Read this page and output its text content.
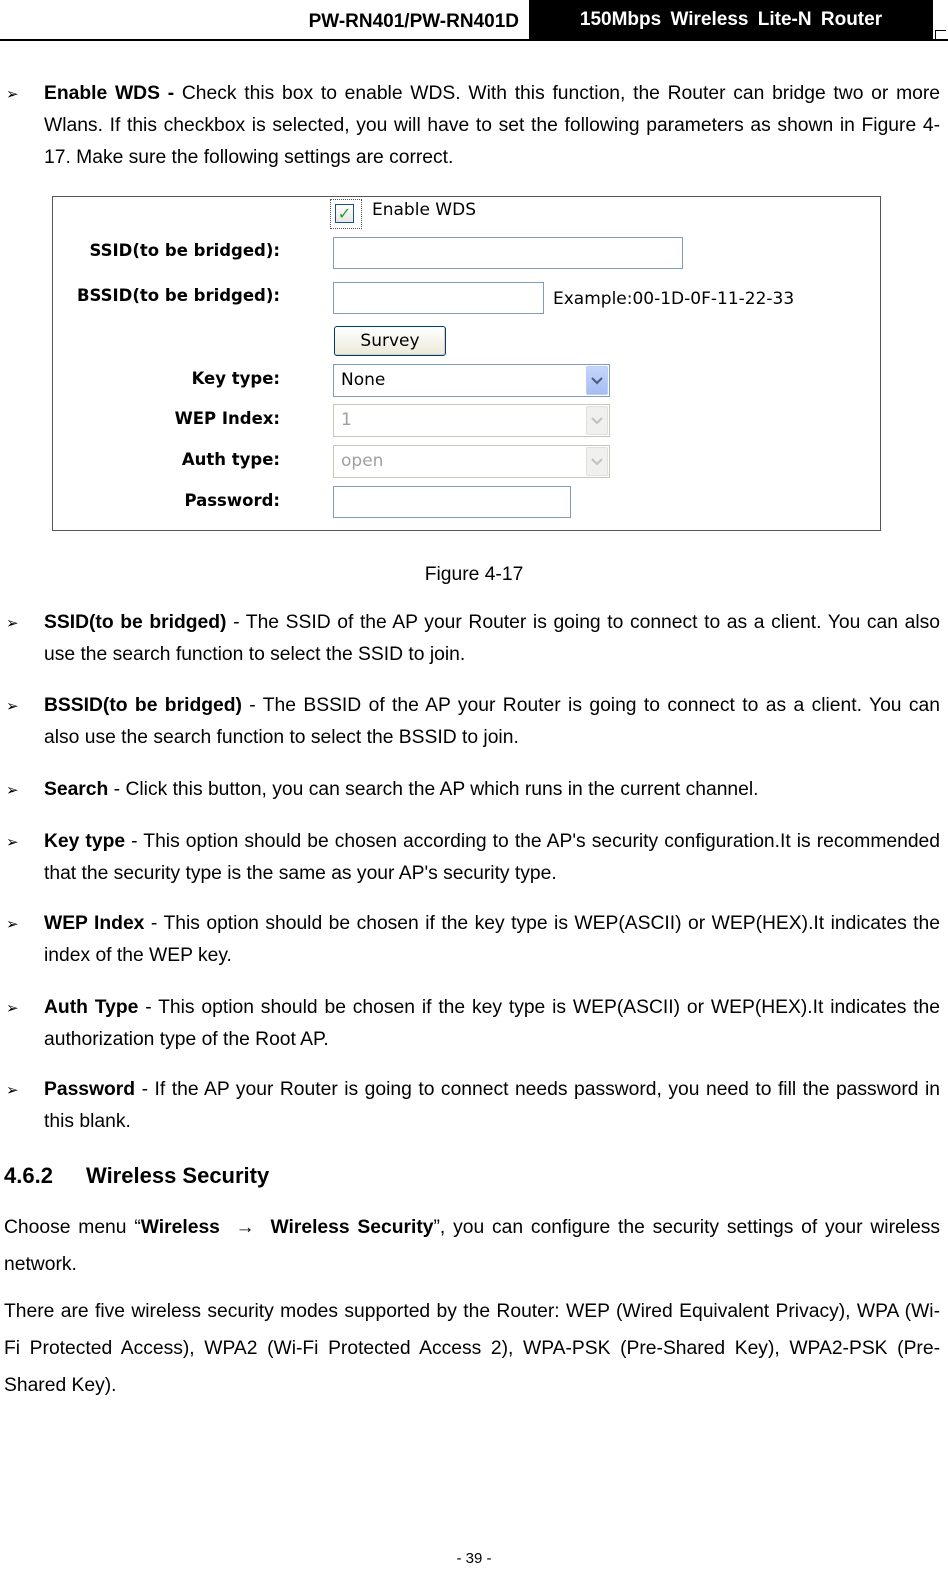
PW-RN401/PW-RN401D	150Mbps Wireless Lite-N Router
➢ Enable WDS - Check this box to enable WDS. With this function, the Router can bridge two or more Wlans. If this checkbox is selected, you will have to set the following parameters as shown in Figure 4-17. Make sure the following settings are correct.
✓ Enable WDS
SSID(to be bridged):
BSSID(to be bridged):	Example:00-1D-0F-11-22-33
Survey
Key type:	None
WEP Index:	1
Auth type:	open
Password:
Figure 4-17
➢ SSID(to be bridged) - The SSID of the AP your Router is going to connect to as a client. You can also use the search function to select the SSID to join.
➢ BSSID(to be bridged) - The BSSID of the AP your Router is going to connect to as a client. You can also use the search function to select the BSSID to join.
➢ Search - Click this button, you can search the AP which runs in the current channel.
➢ Key type - This option should be chosen according to the AP's security configuration.It is recommended that the security type is the same as your AP's security type.
➢ WEP Index - This option should be chosen if the key type is WEP(ASCII) or WEP(HEX).It indicates the index of the WEP key.
➢ Auth Type - This option should be chosen if the key type is WEP(ASCII) or WEP(HEX).It indicates the authorization type of the Root AP.
➢ Password - If the AP your Router is going to connect needs password, you need to fill the password in this blank.
4.6.2 Wireless Security
Choose menu “Wireless → Wireless Security”, you can configure the security settings of your wireless network.
There are five wireless security modes supported by the Router: WEP (Wired Equivalent Privacy), WPA (Wi-Fi Protected Access), WPA2 (Wi-Fi Protected Access 2), WPA-PSK (Pre-Shared Key), WPA2-PSK (Pre-Shared Key).
- 39 -
